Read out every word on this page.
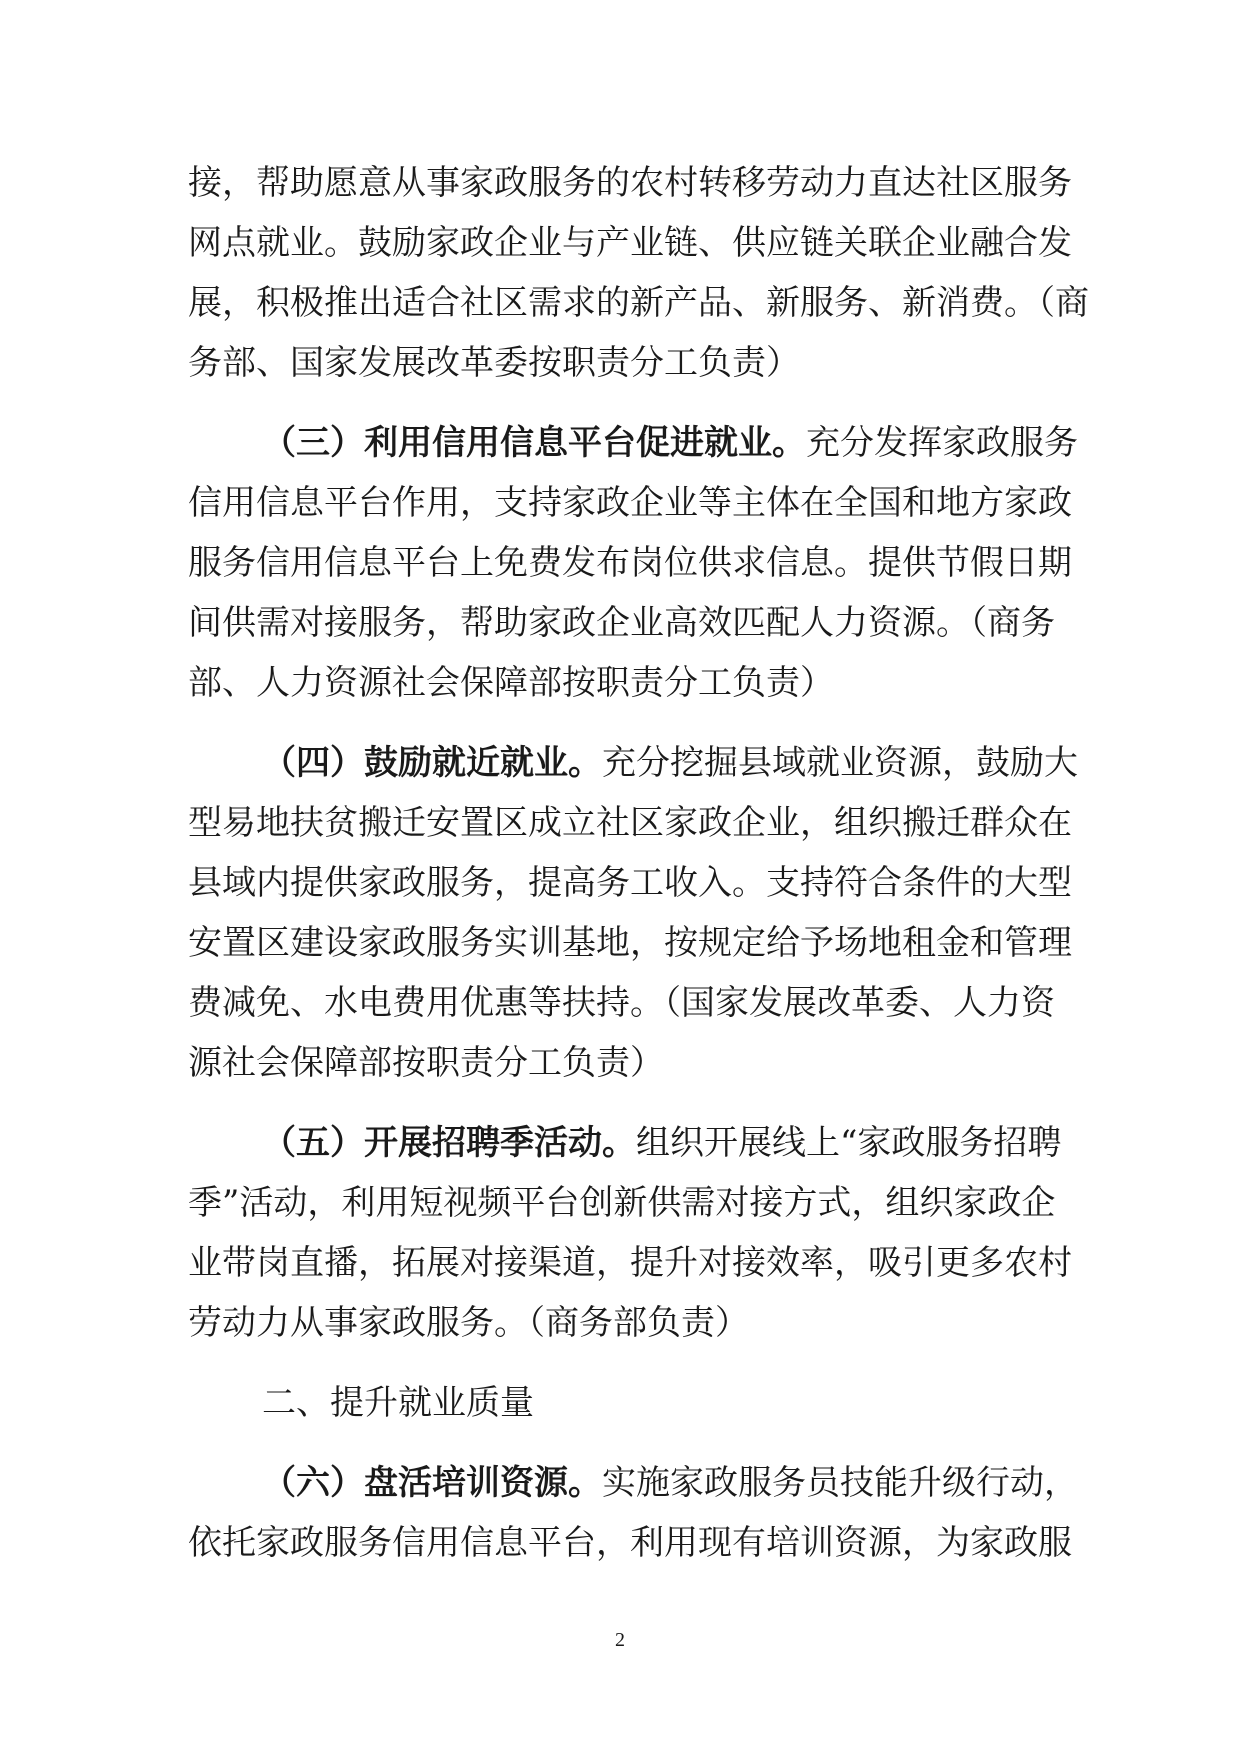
接，帮助愿意从事家政服务的农村转移劳动力直达社区服务
网点就业。鼓励家政企业与产业链、供应链关联企业融合发
展，积极推出适合社区需求的新产品、新服务、新消费。（商
务部、国家发展改革委按职责分工负责）
（三）利用信用信息平台促进就业。充分发挥家政服务
信用信息平台作用，支持家政企业等主体在全国和地方家政
服务信用信息平台上免费发布岗位供求信息。提供节假日期
间供需对接服务，帮助家政企业高效匹配人力资源。（商务
部、人力资源社会保障部按职责分工负责）
（四）鼓励就近就业。充分挖掘县域就业资源，鼓励大
型易地扶贫搬迁安置区成立社区家政企业，组织搬迁群众在
县域内提供家政服务，提高务工收入。支持符合条件的大型
安置区建设家政服务实训基地，按规定给予场地租金和管理
费减免、水电费用优惠等扶持。（国家发展改革委、人力资
源社会保障部按职责分工负责）
（五）开展招聘季活动。组织开展线上“家政服务招聘
季”活动，利用短视频平台创新供需对接方式，组织家政企
业带岗直播，拓展对接渠道，提升对接效率，吸引更多农村
劳动力从事家政服务。（商务部负责）
二、提升就业质量
（六）盘活培训资源。实施家政服务员技能升级行动，
依托家政服务信用信息平台，利用现有培训资源，为家政服
2
